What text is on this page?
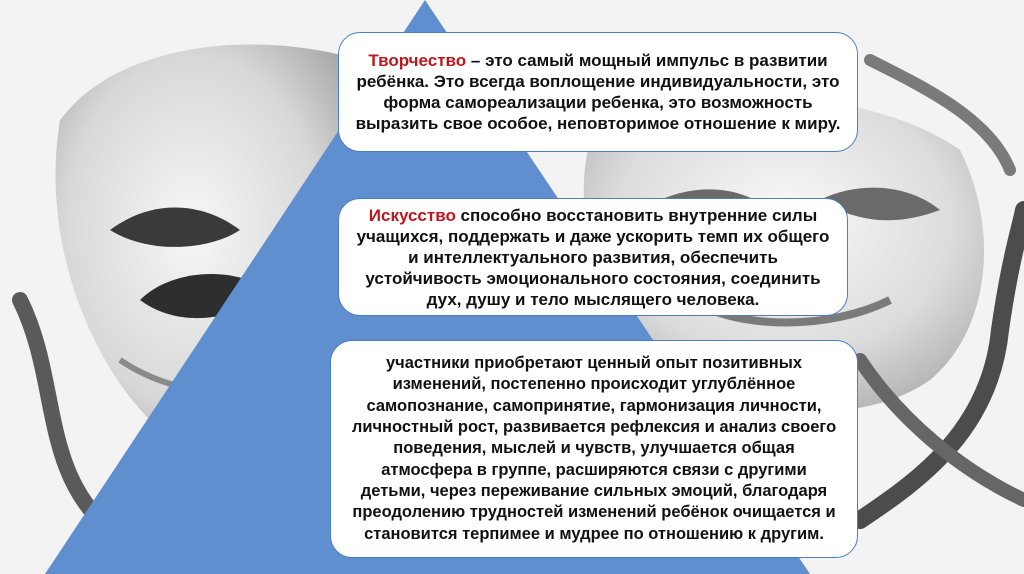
Творчество – это самый мощный импульс в развитии ребёнка. Это всегда воплощение индивидуальности, это форма самореализации ребенка, это возможность выразить свое особое, неповторимое отношение к миру.

Искусство способно восстановить внутренние силы учащихся, поддержать и даже ускорить темп их общего и интеллектуального развития, обеспечить устойчивость эмоционального состояния, соединить дух, душу и тело мыслящего человека.

участники приобретают ценный опыт позитивных изменений, постепенно происходит углублённое самопознание, самопринятие, гармонизация личности, личностный рост, развивается рефлексия и анализ своего поведения, мыслей и чувств, улучшается общая атмосфера в группе, расширяются связи с другими детьми, через переживание сильных эмоций, благодаря преодолению трудностей изменений ребёнок очищается и становится терпимее и мудрее по отношению к другим.
